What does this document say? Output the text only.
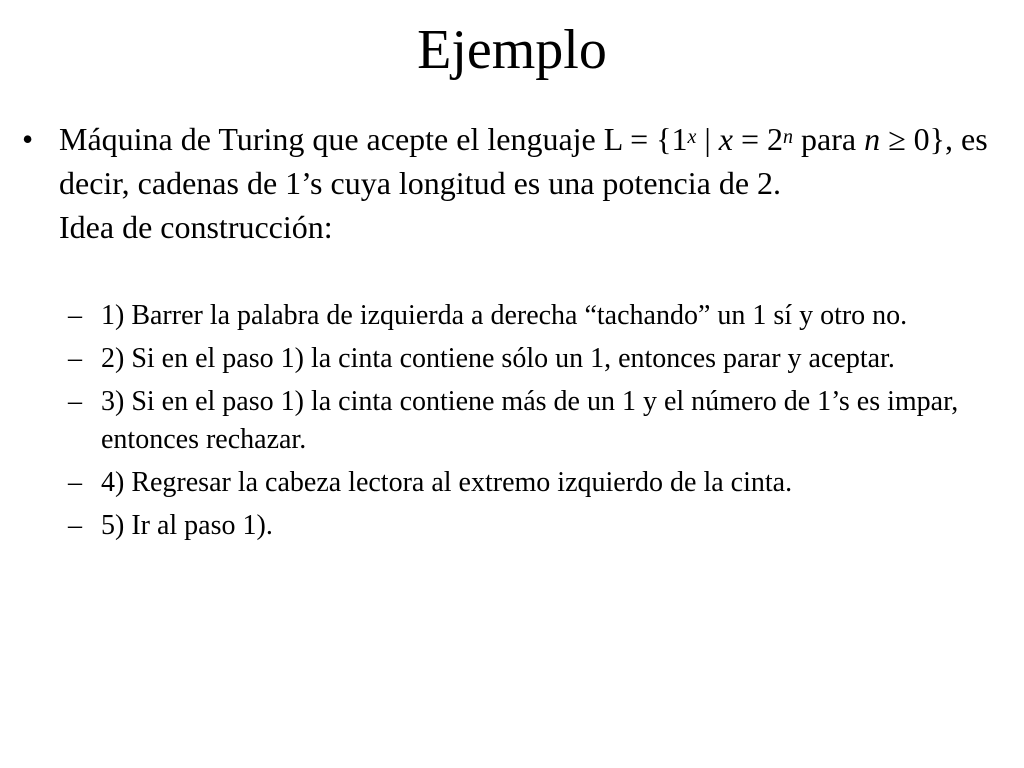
Ejemplo
• Máquina de Turing que acepte el lenguaje $L = \{1^x$ | $x = 2^n$ para n ≥ 0}, es decir, cadenas de 1’s cuya longitud es una potencia de 2.
Idea de construcción:
– 1) Barrer la palabra de izquierda a derecha “tachando” un 1 sí y otro no.
– 2) Si en el paso 1) la cinta contiene sólo un 1, entonces parar y aceptar.
– 3) Si en el paso 1) la cinta contiene más de un 1 y el número de 1’s es impar, entonces rechazar.
– 4) Regresar la cabeza lectora al extremo izquierdo de la cinta.
– 5) Ir al paso 1).
